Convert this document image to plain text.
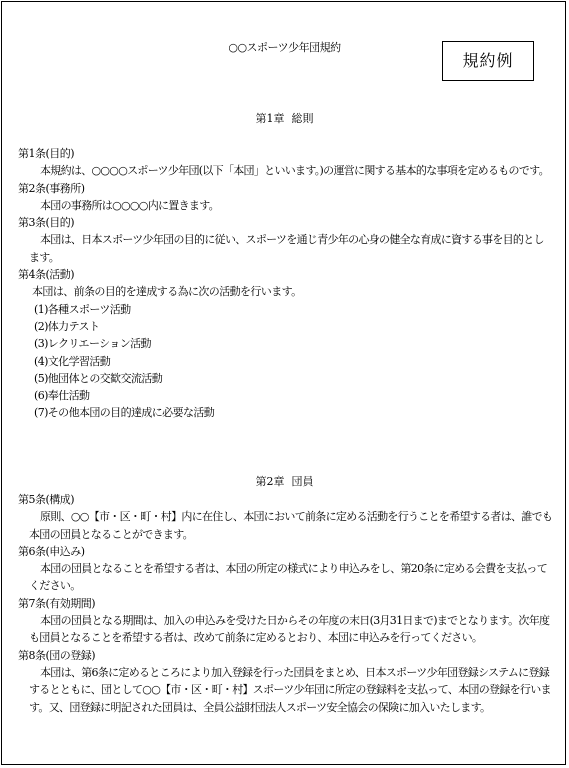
○○スポーツ少年団規約
規約例
第1章 総則
第1条(目的)
本規約は、○○○○スポーツ少年団(以下「本団」といいます。)の運営に関する基本的な事項を定めるものです。
第2条(事務所)
本団の事務所は○○○○内に置きます。
第3条(目的)
本団は、日本スポーツ少年団の目的に従い、スポーツを通じ青少年の心身の健全な育成に資する事を目的とします。
第4条(活動)
本団は、前条の目的を達成する為に次の活動を行います。
(1)各種スポーツ活動
(2)体力テスト
(3)レクリエーション活動
(4)文化学習活動
(5)他団体との交歓交流活動
(6)奉仕活動
(7)その他本団の目的達成に必要な活動
第2章 団員
第5条(構成)
原則、○○【市・区・町・村】内に在住し、本団において前条に定める活動を行うことを希望する者は、誰でも本団の団員となることができます。
第6条(申込み)
本団の団員となることを希望する者は、本団の所定の様式により申込みをし、第20条に定める会費を支払ってください。
第7条(有効期間)
本団の団員となる期間は、加入の申込みを受けた日からその年度の末日(3月31日まで)までとなります。次年度も団員となることを希望する者は、改めて前条に定めるとおり、本団に申込みを行ってください。
第8条(団の登録)
本団は、第6条に定めるところにより加入登録を行った団員をまとめ、日本スポーツ少年団登録システムに登録するとともに、団として○○【市・区・町・村】スポーツ少年団に所定の登録料を支払って、本団の登録を行います。又、団登録に明記された団員は、全員公益財団法人スポーツ安全協会の保険に加入いたします。
